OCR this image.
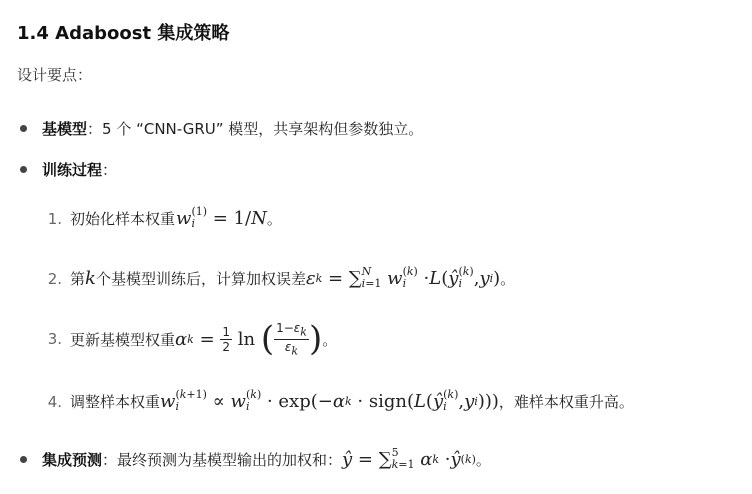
1.4 Adaboost 集成策略
设计要点：
基模型：5 个 “CNN-GRU” 模型，共享架构但参数独立。
训练过程：
1. 初始化样本权重 w (1)
i = 1/ N 。
2. 第 k 个基模型训练后，计算加权误差 ε k = ∑ N
i=1 w (k)
i · L ( ŷ (k)
i , y i ) 。
3. 更新基模型权重 α $k = \frac{1}{2}$ ln ( $\frac{1-\varepsilon_k}{\varepsilon_k}$ ) 。
4. 调整样本权重 w (k+1)
i	∝ w (k)
i · exp(− α k · sign( L ( ŷ (k)
i , y i ))) ，难样本权重升高。
集成预测 ：最终预测为基模型输出的加权和： ŷ = ∑ 5
k=1 α k · ŷ (k) 。
